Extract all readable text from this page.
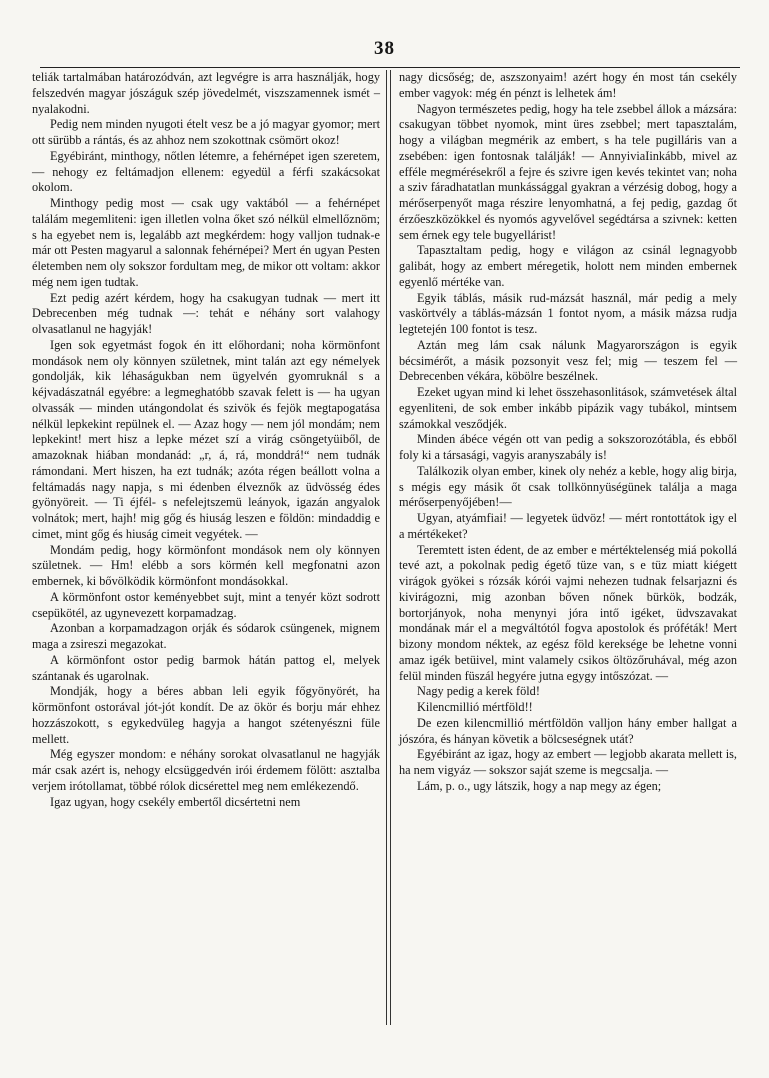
38

teliák tartalmában határozódván, azt legvégre is arra használják, hogy felszedvén magyar jószáguk szép jövedelmét, viszszamennek ismét – nyalakodni.

Pedig nem minden nyugoti ételt vesz be a jó magyar gyomor; mert ott sürübb a rántás, és az ahhoz nem szokottnak csömört okoz!

Egyébiránt, minthogy, nőtlen létemre, a fehérnépet igen szeretem, — nehogy ez feltámadjon ellenem: egyedül a férfi szakácsokat okolom.

Minthogy pedig most — csak ugy vaktából — a fehérnépet találám megemliteni: igen illetlen volna őket szó nélkül elmellőznöm; s ha egyebet nem is, legalább azt megkérdem: hogy valljon tudnak-e már ott Pesten magyarul a salonnak fehérnépei? Mert én ugyan Pesten életemben nem oly sokszor fordultam meg, de mikor ott voltam: akkor még nem igen tudtak.

Ezt pedig azért kérdem, hogy ha csakugyan tudnak — mert itt Debrecenben még tudnak —: tehát e néhány sort valahogy olvasatlanul ne hagyják!

Igen sok egyetmást fogok én itt előhordani; noha körmönfont mondások nem oly könnyen születnek, mint talán azt egy némelyek gondolják, kik léhaságukban nem ügyelvén gyomruknál s a kéjvadászatnál egyébre: a legmeghatóbb szavak felett is — ha ugyan olvassák — minden utángondolat és szivök és fejök megtapogatása nélkül lepkekint repülnek el. — Azaz hogy — nem jól mondám; nem lepkekint! mert hisz a lepke mézet szí a virág csöngetyüiből, de amazoknak hiában mondanád: „r, á, rá, monddrá!“ nem tudnák rámondani. Mert hiszen, ha ezt tudnák; azóta régen beállott volna a feltámadás nagy napja, s mi édenben élveznők az üdvösség édes gyönyöreit. — Ti éjfél- s nefelejtszemü leányok, igazán angyalok volnátok; mert, hajh! mig gőg és hiuság leszen e földön: mindaddig e cimet, mint gőg és hiuság cimeit vegyétek. —

Mondám pedig, hogy körmönfont mondások nem oly könnyen születnek. — Hm! elébb a sors körmén kell megfonatni azon embernek, ki bővölködik körmönfont mondásokkal.

A körmönfont ostor keményebbet sujt, mint a tenyér közt sodrott csepükötél, az ugynevezett korpamadzag.

Azonban a korpamadzagon orják és sódarok csüngenek, mignem maga a zsireszi megazokat.

A körmönfont ostor pedig barmok hátán pattog el, melyek szántanak és ugarolnak.

Mondják, hogy a béres abban leli egyik főgyönyörét, ha körmönfont ostorával jót-jót kondít. De az ökör és borju már ehhez hozzászokott, s egykedvüleg hagyja a hangot szétenyészni füle mellett.

Még egyszer mondom: e néhány sorokat olvasatlanul ne hagyják már csak azért is, nehogy elcsüggedvén irói érdemem fölött: asztalba verjem irótollamat, többé rólok dicsérettel meg nem emlékezendő.

Igaz ugyan, hogy csekély embertől dicsértetni nem

nagy dicsőség; de, aszszonyaim! azért hogy én most tán csekély ember vagyok: még én pénzt is lelhetek ám!

Nagyon természetes pedig, hogy ha tele zsebbel állok a mázsára: csakugyan többet nyomok, mint üres zsebbel; mert tapasztalám, hogy a világban megmérik az embert, s ha tele pugilláris van a zsebében: igen fontosnak találják! — AnnyiviaIinkább, mivel az efféle megmérésekről a fejre és szivre igen kevés tekintet van; noha a sziv fáradhatatlan munkássággal gyakran a vérzésig dobog, hogy a mérőserpenyőt maga részire lenyomhatná, a fej pedig, gazdag őt érzőeszközökkel és nyomós agyvelővel segédtársa a szivnek: ketten sem érnek egy tele bugyellárist!

Tapasztaltam pedig, hogy e világon az csinál legnagyobb galibát, hogy az embert méregetik, holott nem minden embernek egyenlő mértéke van.

Egyik táblás, másik rud-mázsát használ, már pedig a mely vaskörtvély a táblás-mázsán 1 fontot nyom, a másik mázsa rudja legtetején 100 fontot is tesz.

Aztán meg lám csak nálunk Magyarországon is egyik bécsimérőt, a másik pozsonyit vesz fel; mig — teszem fel — Debrecenben vékára, köbölre beszélnek.

Ezeket ugyan mind ki lehet összehasonlitások, számvetések által egyenliteni, de sok ember inkább pipázik vagy tubákol, mintsem számokkal vesződjék.

Minden ábéce végén ott van pedig a sokszorozótábla, és ebből foly ki a társasági, vagyis aranyszabály is!

Találkozik olyan ember, kinek oly nehéz a keble, hogy alig birja, s mégis egy másik őt csak tollkönnyüségünek találja a maga mérőserpenyőjében!—

Ugyan, atyámfiai! — legyetek üdvöz! — mért rontottátok igy el a mértékeket?

Teremtett isten édent, de az ember e mértéktelenség miá pokollá tevé azt, a pokolnak pedig égető tüze van, s e tüz miatt kiégett virágok gyökei s rózsák kórói vajmi nehezen tudnak felsarjazni és kivirágozni, mig azonban bőven nőnek bürkök, bodzák, bortorjányok, noha menynyi jóra intő igéket, üdvszavakat mondának már el a megváltótól fogva apostolok és próféták! Mert bizony mondom néktek, az egész föld kereksége be lehetne vonni amaz igék betüivel, mint valamely csikos öltözőruhával, még azon felül minden füszál hegyére jutna egygy intőszózat. —

Nagy pedig a kerek föld!

Kilencmillió mértföld!!

De ezen kilencmillió mértföldön valljon hány ember hallgat a jószóra, és hányan követik a bölcseségnek utát?

Egyébiránt az igaz, hogy az embert — legjobb akarata mellett is, ha nem vigyáz — sokszor saját szeme is megcsalja. —

Lám, p. o., ugy látszik, hogy a nap megy az égen;
